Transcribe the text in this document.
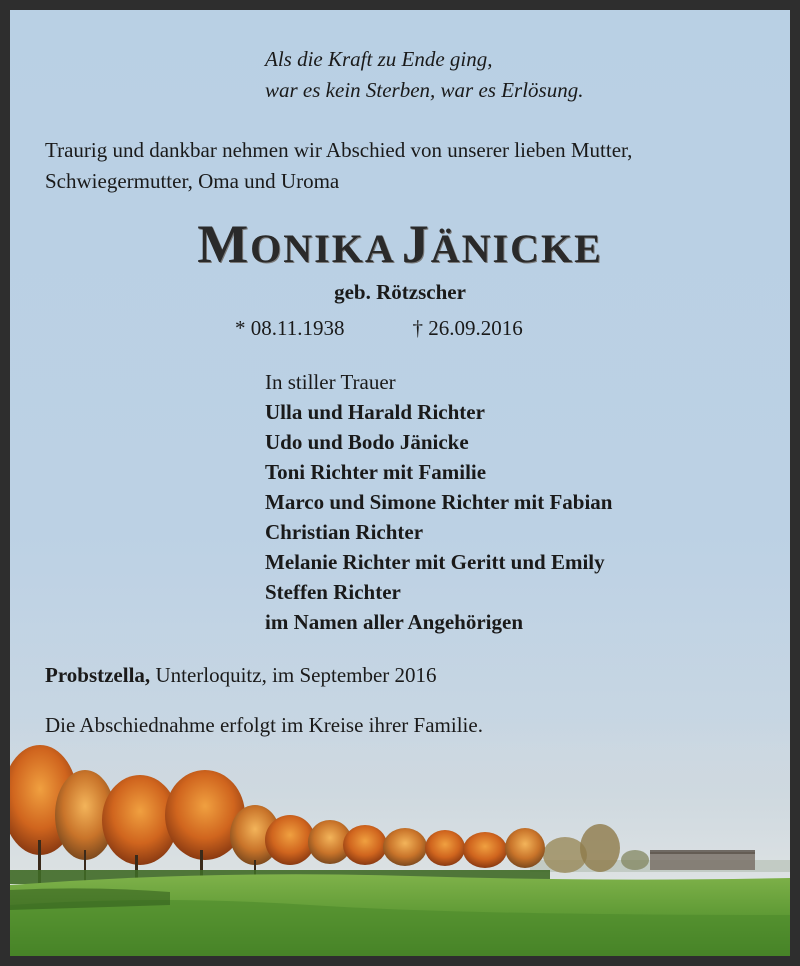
Als die Kraft zu Ende ging,
war es kein Sterben, war es Erlösung.
Traurig und dankbar nehmen wir Abschied von unserer lieben Mutter,
Schwiegermutter, Oma und Uroma
MONIKA JÄNICKE
geb. Rötzscher
* 08.11.1938	† 26.09.2016
In stiller Trauer
Ulla und Harald Richter
Udo und Bodo Jänicke
Toni Richter mit Familie
Marco und Simone Richter mit Fabian
Christian Richter
Melanie Richter mit Geritt und Emily
Steffen Richter
im Namen aller Angehörigen
Probstzella, Unterloquitz, im September 2016
Die Abschiednahme erfolgt im Kreise ihrer Familie.
